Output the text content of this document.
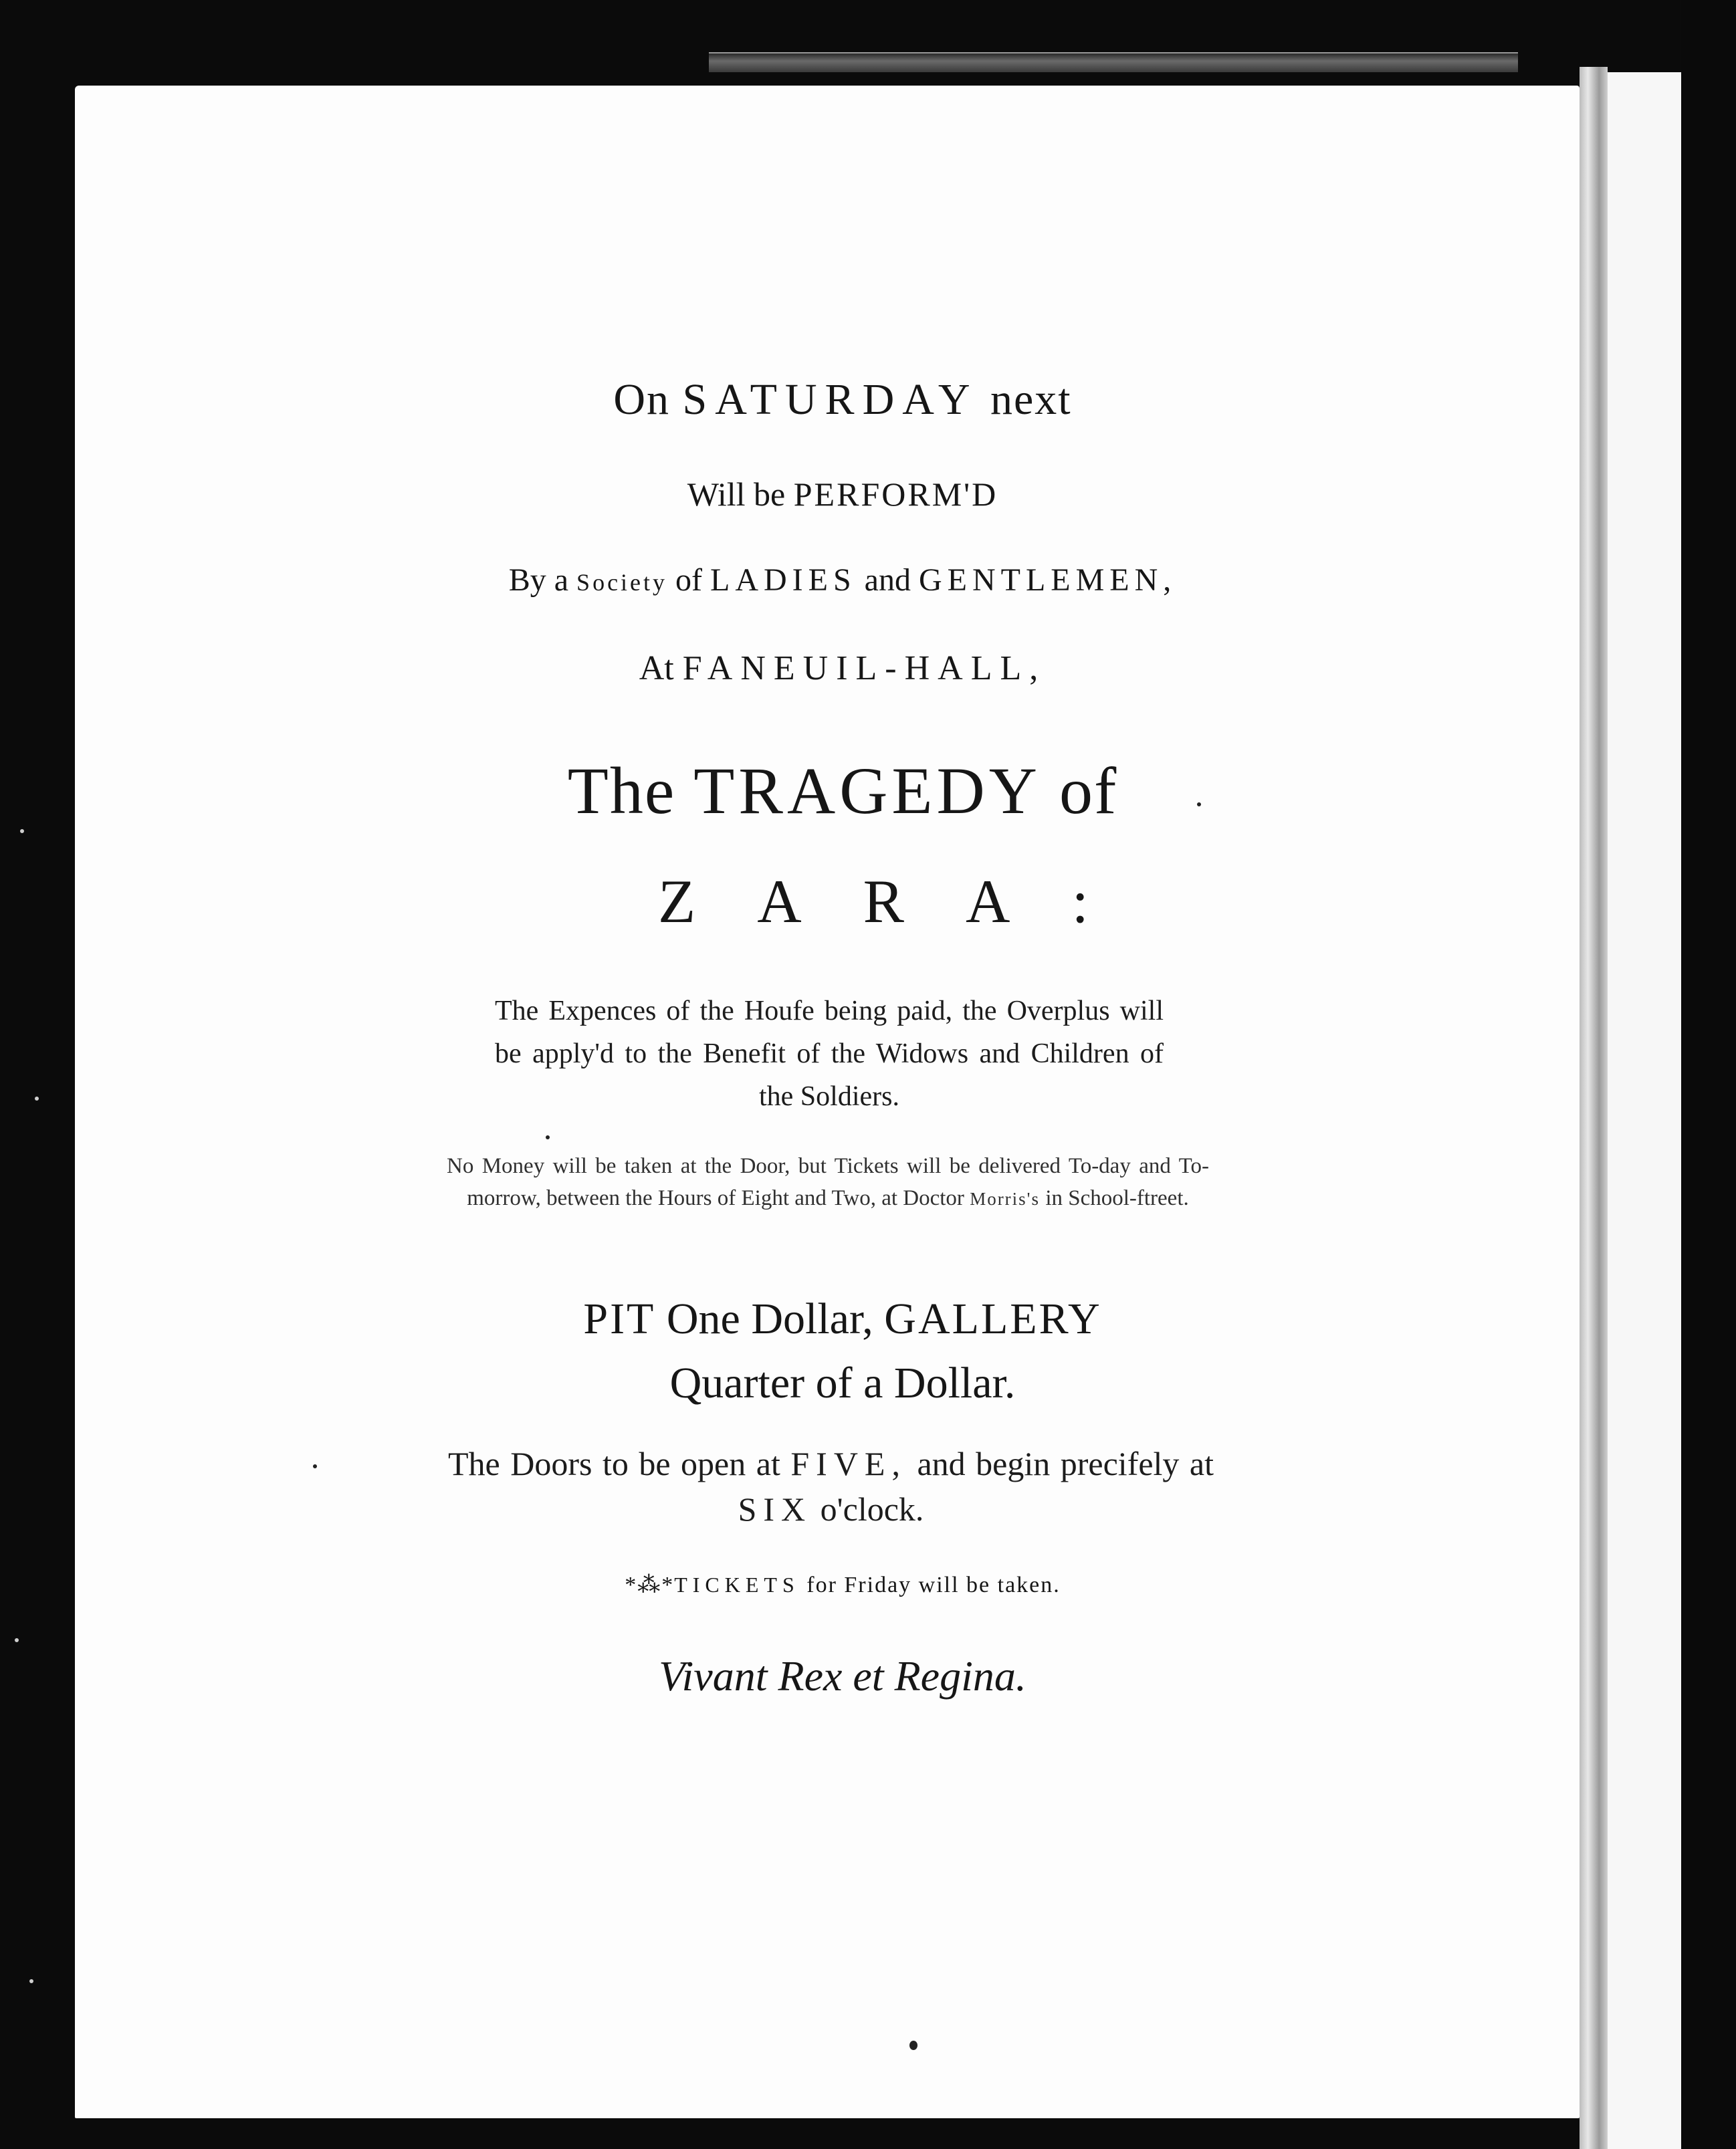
On SATURDAY next
Will be PERFORM'D
By a Society of LADIES and GENTLEMEN,
At FANEUIL-HALL,
The TRAGEDY of
ZARA:
The Expences of the Houfe being paid, the Overplus will be apply'd to the Benefit of the Widows and Children of the Soldiers.
No Money will be taken at the Door, but Tickets will be delivered To-day and To-morrow, between the Hours of Eight and Two, at Doctor Morris's in School-ftreet.
PIT One Dollar, GALLERY
Quarter of a Dollar.
The Doors to be open at FIVE, and begin precifely at SIX o'clock.
*⁂*TICKETS for Friday will be taken.
Vivant Rex et Regina.
